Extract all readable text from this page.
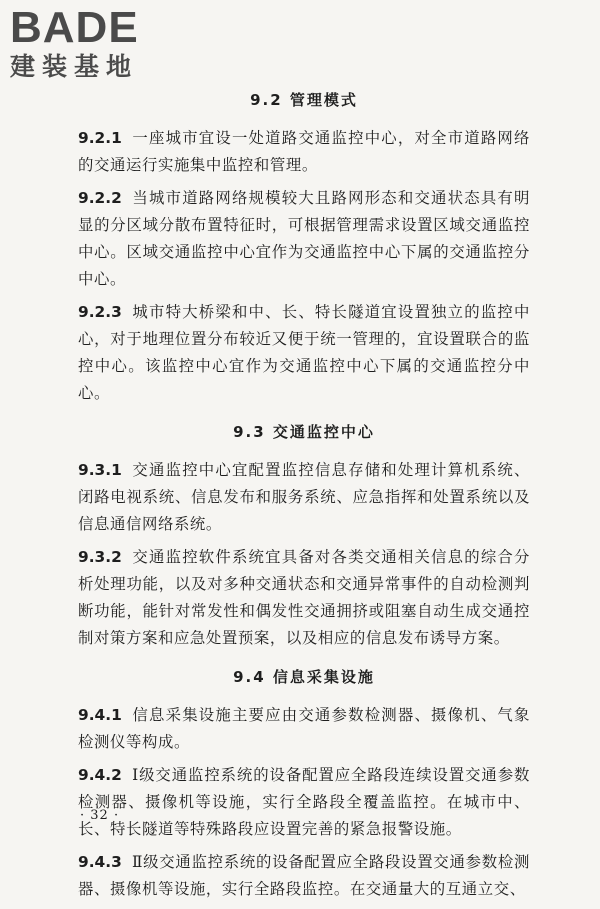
BADE
建装基地
9.2 管理模式

9.2.1 一座城市宜设一处道路交通监控中心，对全市道路网络的交通运行实施集中监控和管理。

9.2.2 当城市道路网络规模较大且路网形态和交通状态具有明显的分区域分散布置特征时，可根据管理需求设置区域交通监控中心。区域交通监控中心宜作为交通监控中心下属的交通监控分中心。

9.2.3 城市特大桥梁和中、长、特长隧道宜设置独立的监控中心，对于地理位置分布较近又便于统一管理的，宜设置联合的监控中心。该监控中心宜作为交通监控中心下属的交通监控分中心。

9.3 交通监控中心

9.3.1 交通监控中心宜配置监控信息存储和处理计算机系统、闭路电视系统、信息发布和服务系统、应急指挥和处置系统以及信息通信网络系统。

9.3.2 交通监控软件系统宜具备对各类交通相关信息的综合分析处理功能，以及对多种交通状态和交通异常事件的自动检测判断功能，能针对常发性和偶发性交通拥挤或阻塞自动生成交通控制对策方案和应急处置预案，以及相应的信息发布诱导方案。

9.4 信息采集设施

9.4.1 信息采集设施主要应由交通参数检测器、摄像机、气象检测仪等构成。

9.4.2 Ⅰ级交通监控系统的设备配置应全路段连续设置交通参数检测器、摄像机等设施，实行全路段全覆盖监控。在城市中、长、特长隧道等特殊路段应设置完善的紧急报警设施。

9.4.3 Ⅱ级交通监控系统的设备配置应全路段设置交通参数检测器、摄像机等设施，实行全路段监控。在交通量大的互通立交、

· 32 ·
